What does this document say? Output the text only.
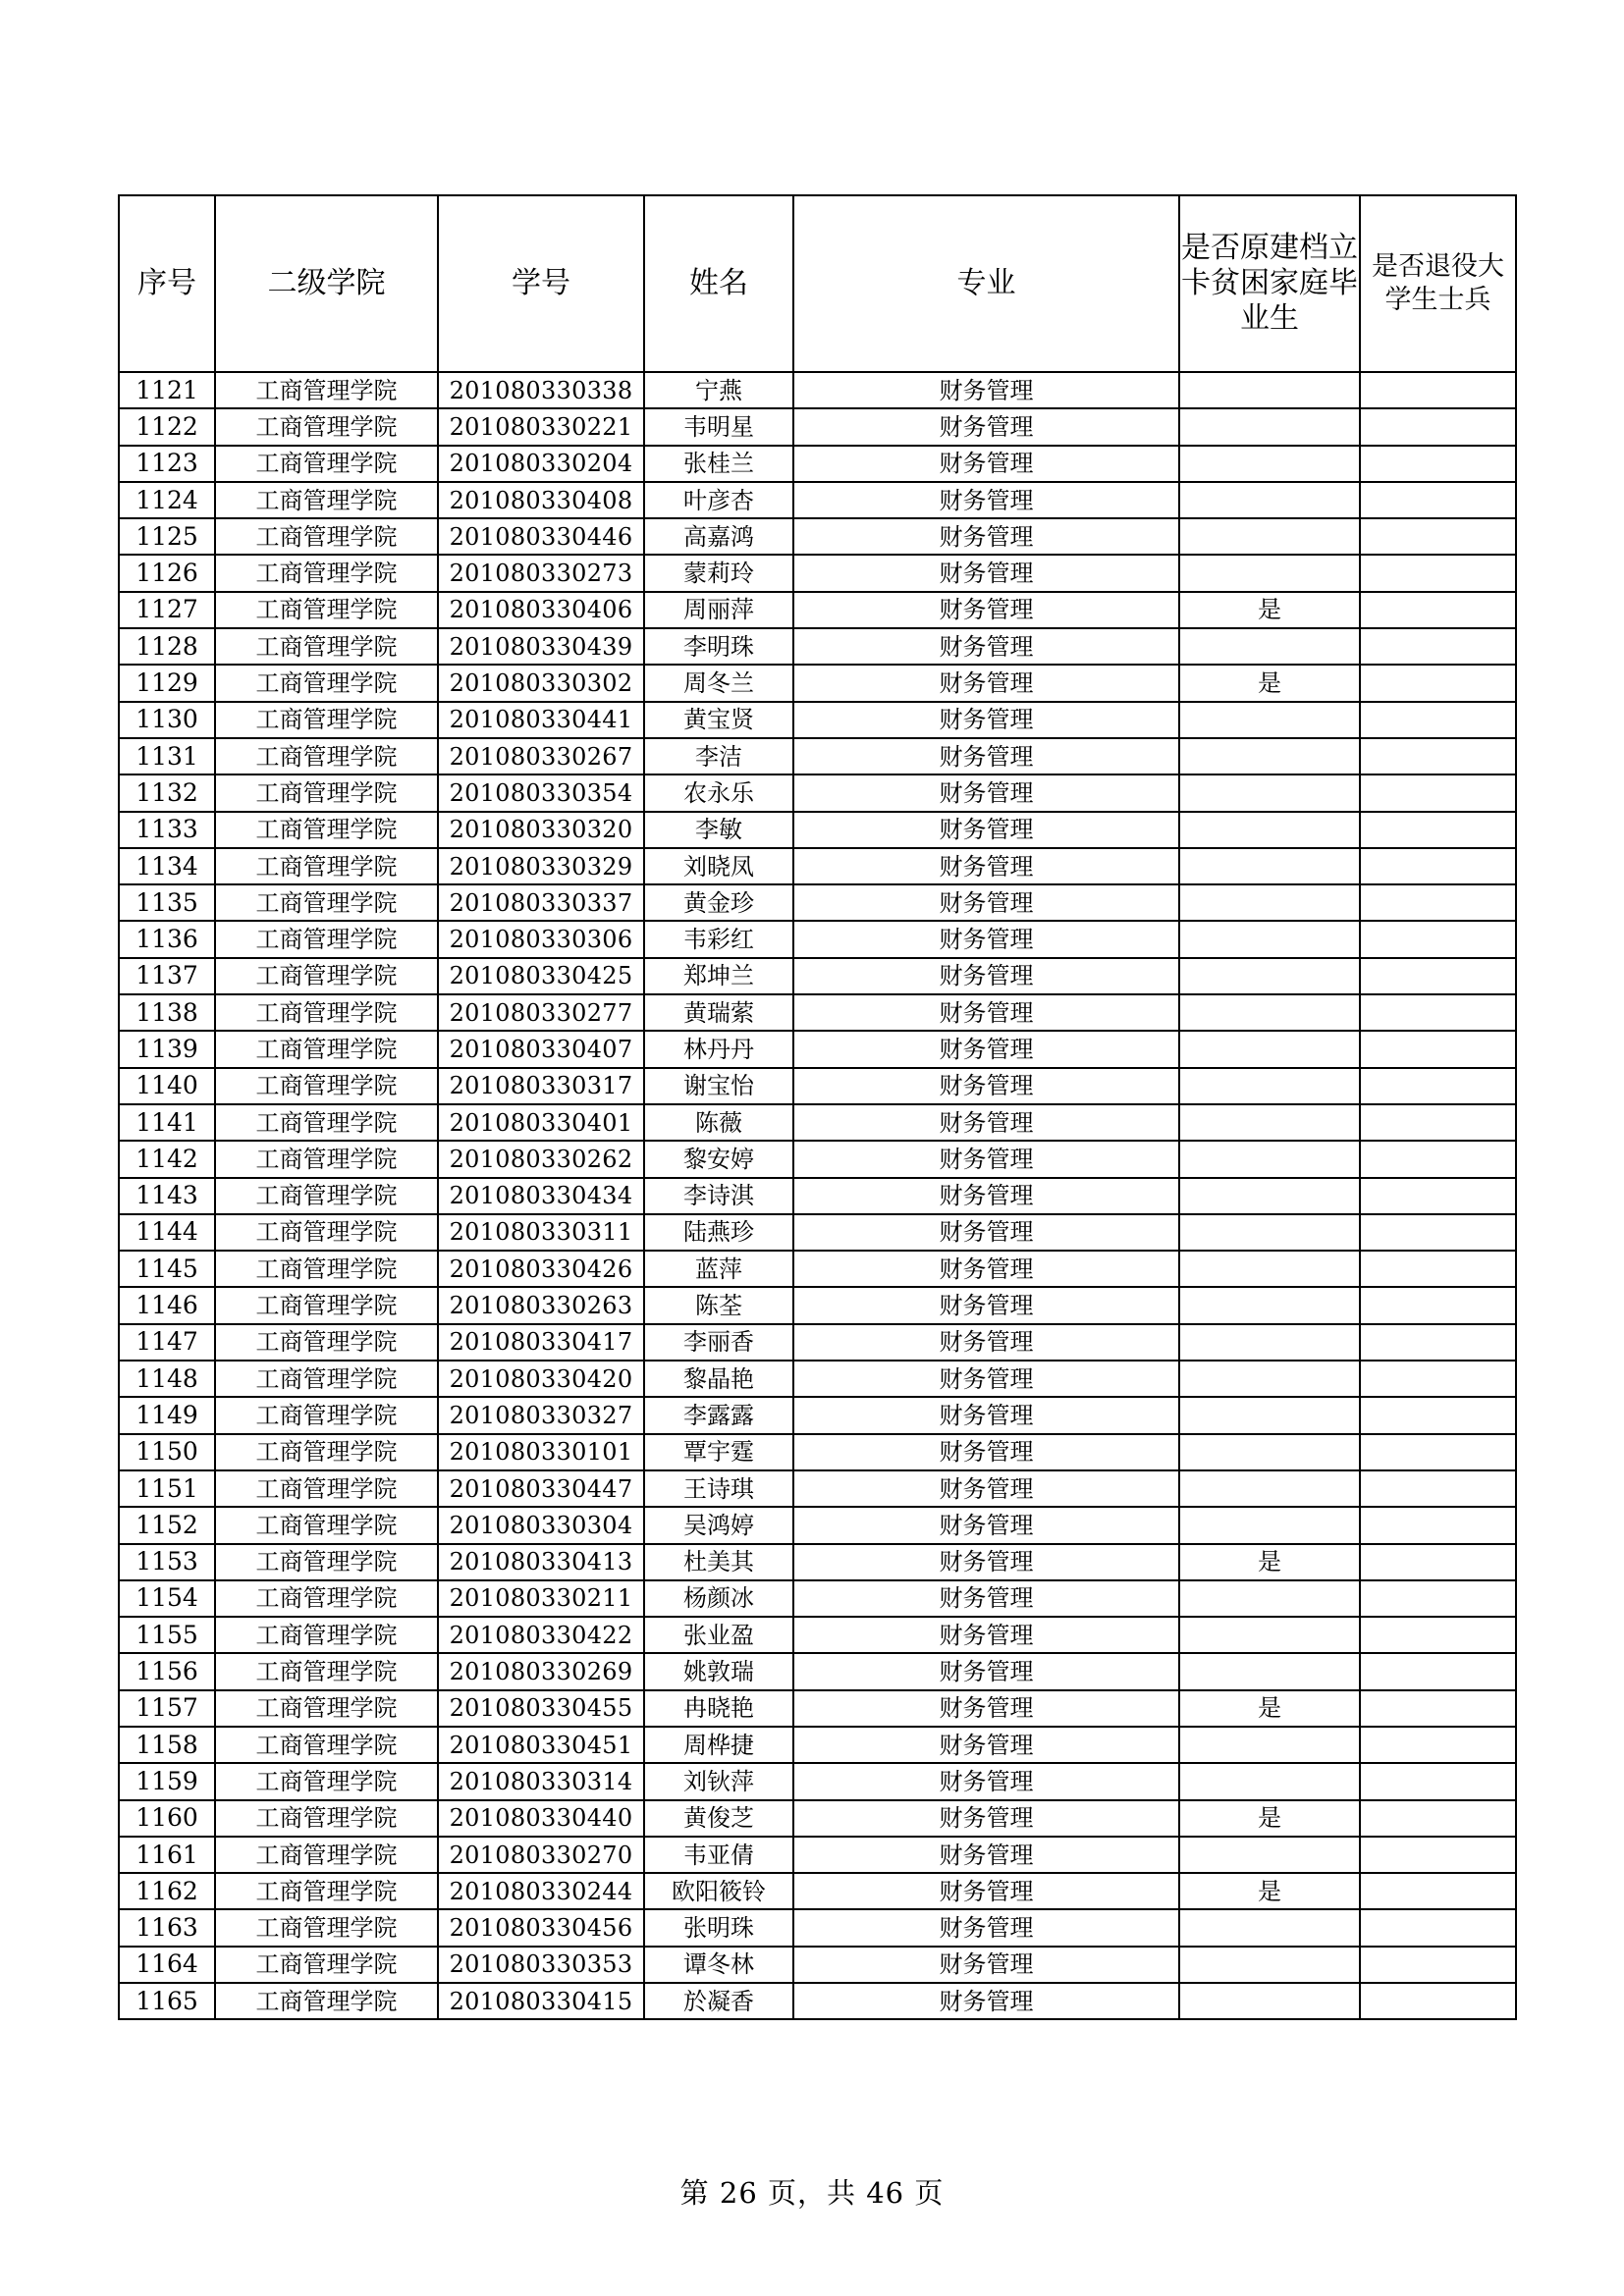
序号	二级学院	学号	姓名	专业	是否原建档立卡贫困家庭毕业生	是否退役大学生士兵
1121	工商管理学院	201080330338	宁燕	财务管理		
1122	工商管理学院	201080330221	韦明星	财务管理		
1123	工商管理学院	201080330204	张桂兰	财务管理		
1124	工商管理学院	201080330408	叶彦杏	财务管理		
1125	工商管理学院	201080330446	高嘉鸿	财务管理		
1126	工商管理学院	201080330273	蒙莉玲	财务管理		
1127	工商管理学院	201080330406	周丽萍	财务管理	是	
1128	工商管理学院	201080330439	李明珠	财务管理		
1129	工商管理学院	201080330302	周冬兰	财务管理	是	
1130	工商管理学院	201080330441	黄宝贤	财务管理		
1131	工商管理学院	201080330267	李洁	财务管理		
1132	工商管理学院	201080330354	农永乐	财务管理		
1133	工商管理学院	201080330320	李敏	财务管理		
1134	工商管理学院	201080330329	刘晓凤	财务管理		
1135	工商管理学院	201080330337	黄金珍	财务管理		
1136	工商管理学院	201080330306	韦彩红	财务管理		
1137	工商管理学院	201080330425	郑坤兰	财务管理		
1138	工商管理学院	201080330277	黄瑞萦	财务管理		
1139	工商管理学院	201080330407	林丹丹	财务管理		
1140	工商管理学院	201080330317	谢宝怡	财务管理		
1141	工商管理学院	201080330401	陈薇	财务管理		
1142	工商管理学院	201080330262	黎安婷	财务管理		
1143	工商管理学院	201080330434	李诗淇	财务管理		
1144	工商管理学院	201080330311	陆燕珍	财务管理		
1145	工商管理学院	201080330426	蓝萍	财务管理		
1146	工商管理学院	201080330263	陈荃	财务管理		
1147	工商管理学院	201080330417	李丽香	财务管理		
1148	工商管理学院	201080330420	黎晶艳	财务管理		
1149	工商管理学院	201080330327	李露露	财务管理		
1150	工商管理学院	201080330101	覃宇霆	财务管理		
1151	工商管理学院	201080330447	王诗琪	财务管理		
1152	工商管理学院	201080330304	吴鸿婷	财务管理		
1153	工商管理学院	201080330413	杜美其	财务管理	是	
1154	工商管理学院	201080330211	杨颜冰	财务管理		
1155	工商管理学院	201080330422	张业盈	财务管理		
1156	工商管理学院	201080330269	姚敦瑞	财务管理		
1157	工商管理学院	201080330455	冉晓艳	财务管理	是	
1158	工商管理学院	201080330451	周桦捷	财务管理		
1159	工商管理学院	201080330314	刘钬萍	财务管理		
1160	工商管理学院	201080330440	黄俊芝	财务管理	是	
1161	工商管理学院	201080330270	韦亚倩	财务管理		
1162	工商管理学院	201080330244	欧阳筱铃	财务管理	是	
1163	工商管理学院	201080330456	张明珠	财务管理		
1164	工商管理学院	201080330353	谭冬林	财务管理		
1165	工商管理学院	201080330415	於凝香	财务管理		
第 26 页，共 46 页
